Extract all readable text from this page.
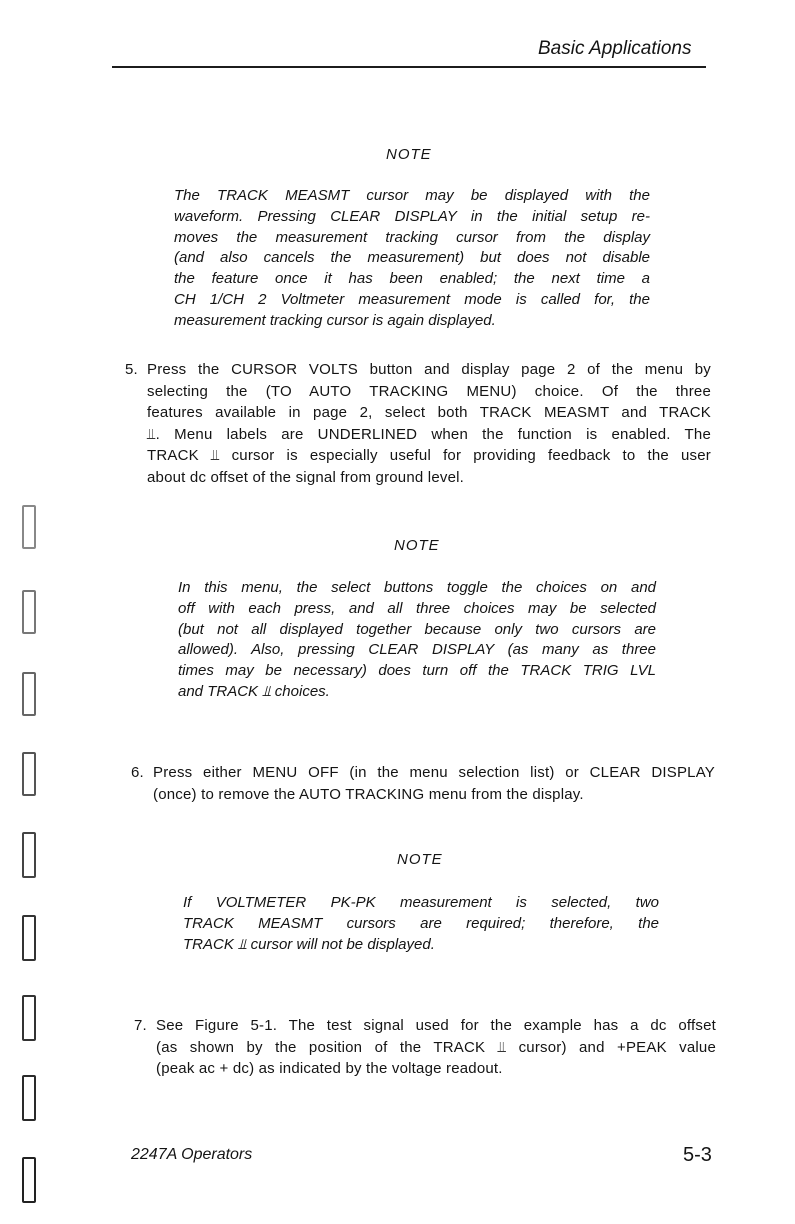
Basic Applications
NOTE
The TRACK MEASMT cursor may be displayed with the
waveform. Pressing CLEAR DISPLAY in the initial setup re-
moves the measurement tracking cursor from the display
(and also cancels the measurement) but does not disable
the feature once it has been enabled; the next time a
CH 1/CH 2 Voltmeter measurement mode is called for, the
measurement tracking cursor is again displayed.
5. Press the CURSOR VOLTS button and display page 2 of the menu by
selecting the (TO AUTO TRACKING MENU) choice. Of the three
features available in page 2, select both TRACK MEASMT and TRACK
⫫. Menu labels are UNDERLINED when the function is enabled. The
TRACK ⫫ cursor is especially useful for providing feedback to the user
about dc offset of the signal from ground level.
NOTE
In this menu, the select buttons toggle the choices on and
off with each press, and all three choices may be selected
(but not all displayed together because only two cursors are
allowed). Also, pressing CLEAR DISPLAY (as many as three
times may be necessary) does turn off the TRACK TRIG LVL
and TRACK ⫫ choices.
6. Press either MENU OFF (in the menu selection list) or CLEAR DISPLAY
(once) to remove the AUTO TRACKING menu from the display.
NOTE
If VOLTMETER PK-PK measurement is selected, two
TRACK MEASMT cursors are required; therefore, the
TRACK ⫫ cursor will not be displayed.
7. See Figure 5-1. The test signal used for the example has a dc offset
(as shown by the position of the TRACK ⫫ cursor) and +PEAK value
(peak ac + dc) as indicated by the voltage readout.
2247A Operators	5-3
